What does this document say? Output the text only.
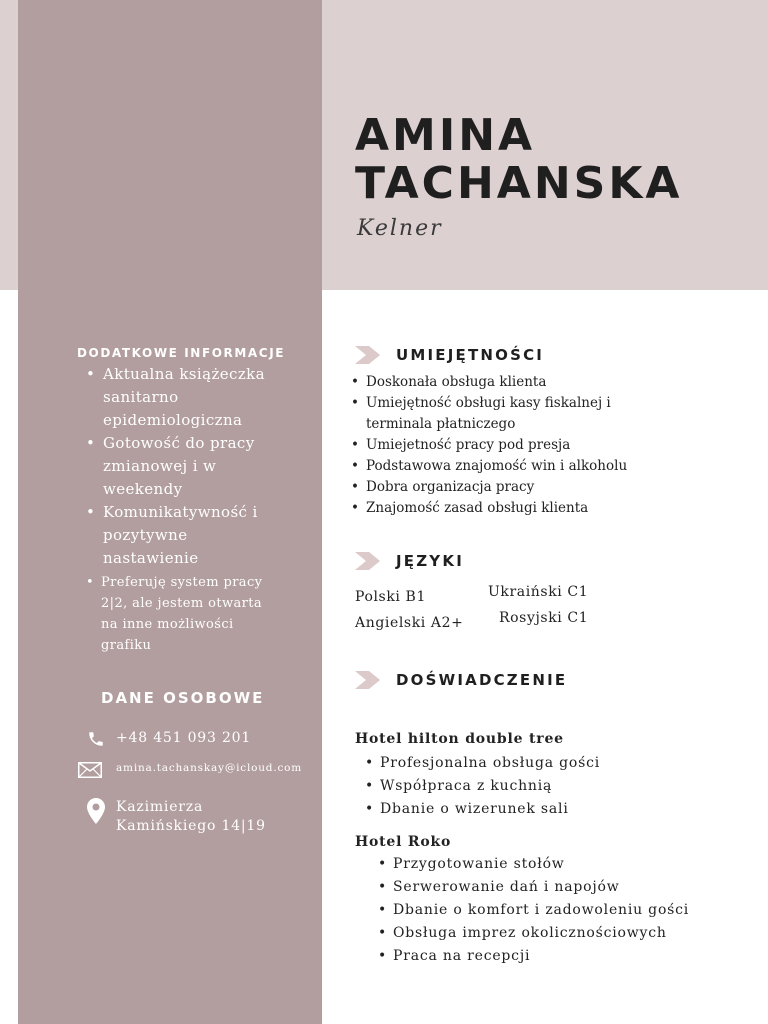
AMINA
TACHANSKA
Kelner
DODATKOWE INFORMACJE
• Aktualna książeczka sanitarno epidemiologiczna
• Gotowość do pracy zmianowej i w weekendy
• Komunikatywność i pozytywne nastawienie
• Preferuję system pracy 2|2, ale jestem otwarta na inne możliwości grafiku
DANE OSOBOWE
+48 451 093 201
amina.tachanskay@icloud.com
Kazimierza
Kamińskiego 14|19
UMIEJĘTNOŚCI
• Doskonała obsługa klienta
• Umiejętność obsługi kasy fiskalnej i terminala płatniczego
• Umiejetność pracy pod presja
• Podstawowa znajomość win i alkoholu
• Dobra organizacja pracy
• Znajomość zasad obsługi klienta
JĘZYKI
Polski B1
Angielski A2+
Ukraiński C1
Rosyjski C1
DOŚWIADCZENIE
Hotel hilton double tree
• Profesjonalna obsługa gości
• Współpraca z kuchnią
• Dbanie o wizerunek sali
Hotel Roko
• Przygotowanie stołów
• Serwerowanie dań i napojów
• Dbanie o komfort i zadowoleniu gości
• Obsługa imprez okolicznościowych
• Praca na recepcji
